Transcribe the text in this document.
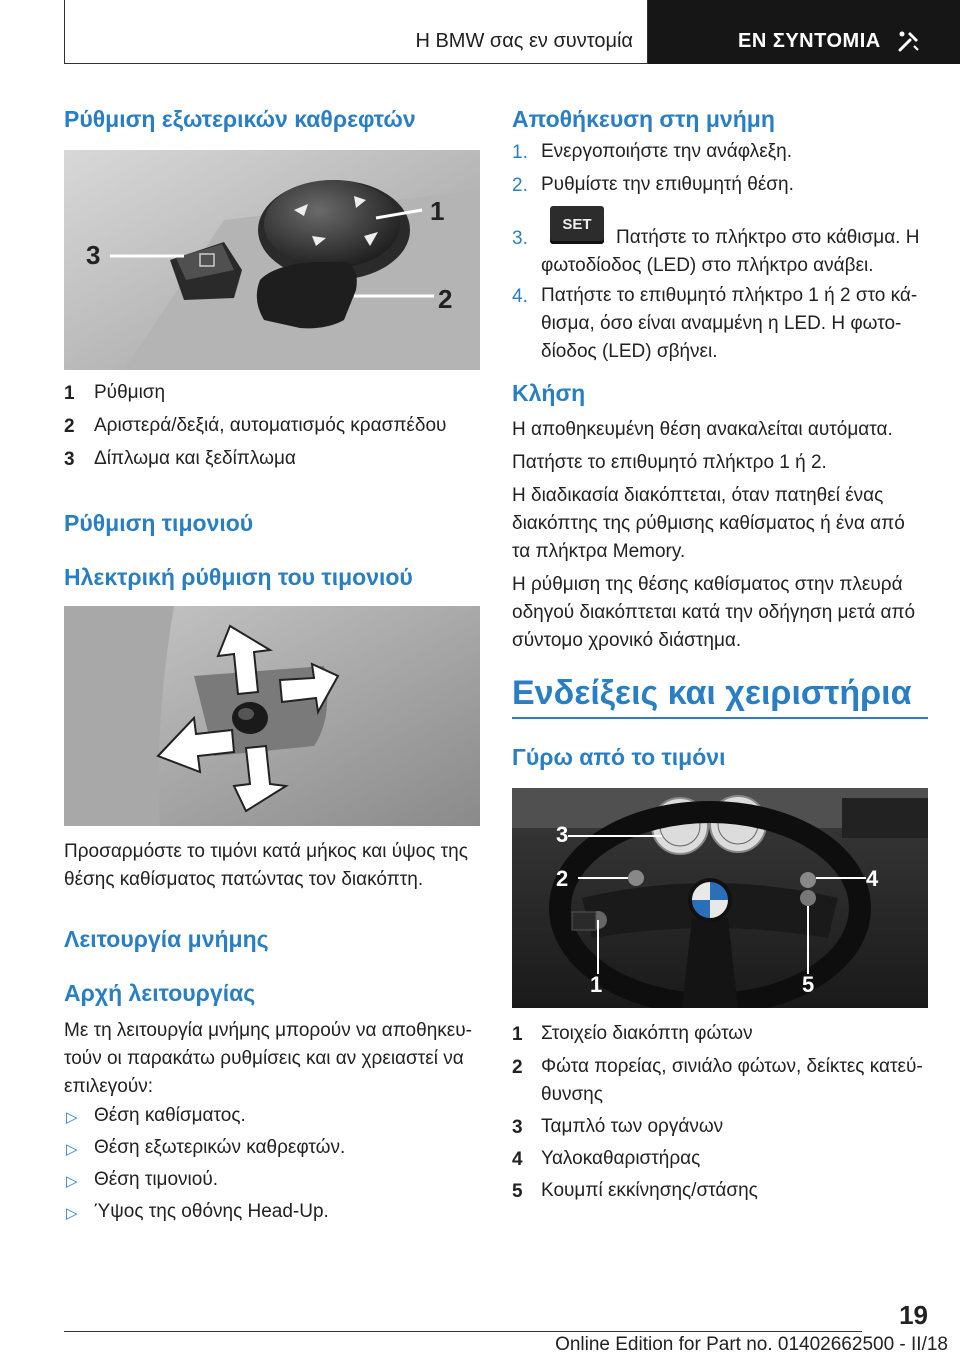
Η BMW σας εν συντομία	ΕΝ ΣΥΝΤΟΜΙΑ
Ρύθμιση εξωτερικών καθρεφτών
1
2
3
1 Ρύθμιση
2 Αριστερά/δεξιά, αυτοματισμός κρασπέδου
3 Δίπλωμα και ξεδίπλωμα
Ρύθμιση τιμονιού
Ηλεκτρική ρύθμιση του τιμονιού
Προσαρμόστε το τιμόνι κατά μήκος και ύψος της
θέσης καθίσματος πατώντας τον διακόπτη.
Λειτουργία μνήμης
Αρχή λειτουργίας
Με τη λειτουργία μνήμης μπορούν να αποθηκευ-
τούν οι παρακάτω ρυθμίσεις και αν χρειαστεί να
επιλεγούν:
▷ Θέση καθίσματος.
▷ Θέση εξωτερικών καθρεφτών.
▷ Θέση τιμονιού.
▷ Ύψος της οθόνης Head-Up.
Αποθήκευση στη μνήμη
1. Ενεργοποιήστε την ανάφλεξη.
2. Ρυθμίστε την επιθυμητή θέση.
3.
SET
Πατήστε το πλήκτρο στο κάθισμα. Η
φωτοδίοδος (LED) στο πλήκτρο ανάβει.
4. Πατήστε το επιθυμητό πλήκτρο 1 ή 2 στο κά-
θισμα, όσο είναι αναμμένη η LED. Η φωτο-
δίοδος (LED) σβήνει.
Κλήση
Η αποθηκευμένη θέση ανακαλείται αυτόματα.
Πατήστε το επιθυμητό πλήκτρο 1 ή 2.
Η διαδικασία διακόπτεται, όταν πατηθεί ένας
διακόπτης της ρύθμισης καθίσματος ή ένα από
τα πλήκτρα Memory.
Η ρύθμιση της θέσης καθίσματος στην πλευρά
οδηγού διακόπτεται κατά την οδήγηση μετά από
σύντομο χρονικό διάστημα.
Ενδείξεις και χειριστήρια
Γύρω από το τιμόνι
3
2	4
1	5
1 Στοιχείο διακόπτη φώτων
2 Φώτα πορείας, σινιάλο φώτων, δείκτες κατεύ-
θυνσης
3 Ταμπλό των οργάνων
4 Υαλοκαθαριστήρας
5 Κουμπί εκκίνησης/στάσης
19
Online Edition for Part no. 01402662500 - II/18
